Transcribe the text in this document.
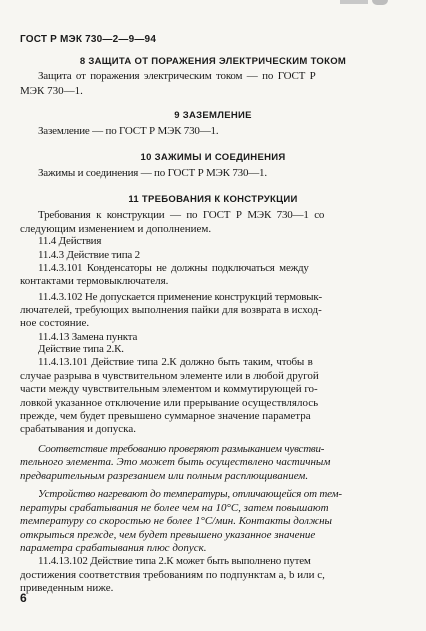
ГОСТ Р МЭК 730—2—9—94
8 ЗАЩИТА ОТ ПОРАЖЕНИЯ ЭЛЕКТРИЧЕСКИМ ТОКОМ
Защита от поражения электрическим током — по ГОСТ Р
МЭК 730—1.
9 ЗАЗЕМЛЕНИЕ
Заземление — по ГОСТ Р МЭК 730—1.
10 ЗАЖИМЫ И СОЕДИНЕНИЯ
Зажимы и соединения — по ГОСТ Р МЭК 730—1.
11 ТРЕБОВАНИЯ К КОНСТРУКЦИИ
Требования к конструкции — по ГОСТ Р МЭК 730—1 со
следующим изменением и дополнением.
11.4 Действия
11.4.3 Действие типа 2
11.4.3.101 Конденсаторы не должны подключаться между
контактами термовыключателя.
11.4.3.102 Не допускается применение конструкций термовык-
лючателей, требующих выполнения пайки для возврата в исход-
ное состояние.
11.4.13 Замена пункта
Действие типа 2.К.
11.4.13.101 Действие типа 2.К должно быть таким, чтобы в
случае разрыва в чувствительном элементе или в любой другой
части между чувствительным элементом и коммутирующей го-
ловкой указанное отключение или прерывание осуществлялось
прежде, чем будет превышено суммарное значение параметра
срабатывания и допуска.
Соответствие требованию проверяют размыканием чувстви-
тельного элемента. Это может быть осуществлено частичным
предварительным разрезанием или полным расплющиванием.
Устройство нагревают до температуры, отличающейся от тем-
пературы срабатывания не более чем на 10°С, затем повышают
температуру со скоростью не более 1°С/мин. Контакты должны
открыться прежде, чем будет превышено указанное значение
параметра срабатывания плюс допуск.
11.4.13.102 Действие типа 2.К может быть выполнено путем
достижения соответствия требованиям по подпунктам а, b или с,
приведенным ниже.
6
